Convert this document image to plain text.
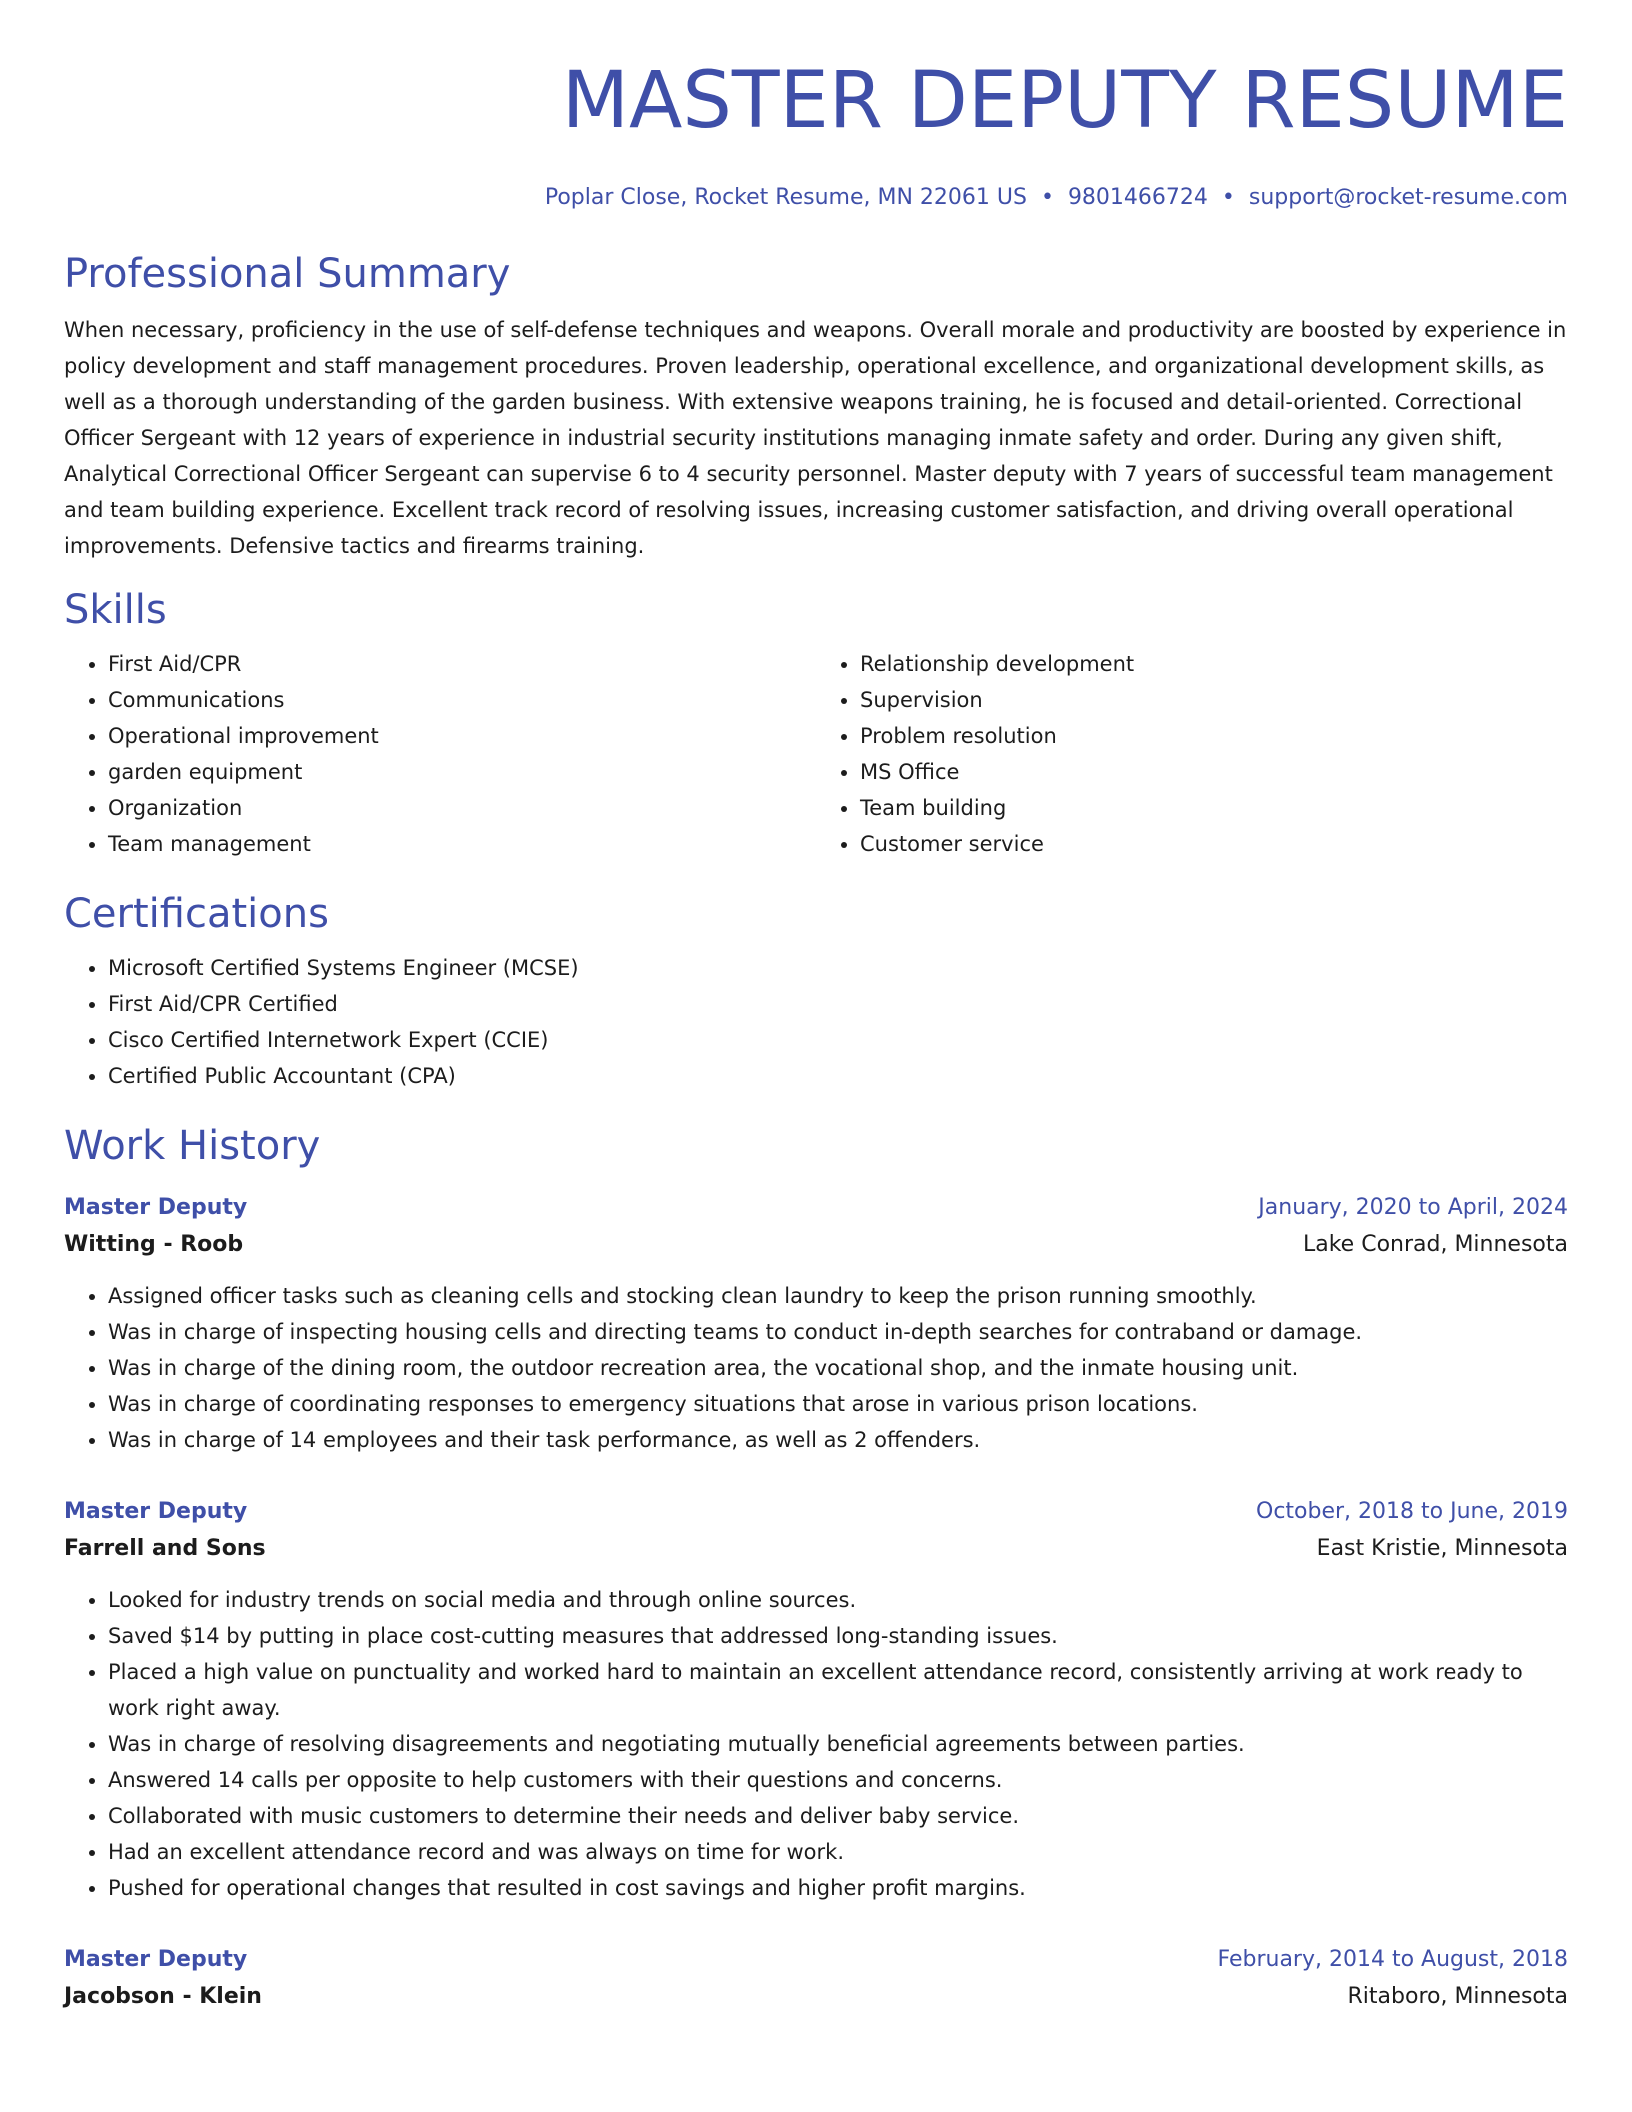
MASTER DEPUTY RESUME
Poplar Close, Rocket Resume, MN 22061 US • 9801466724 • support@rocket-resume.com
Professional Summary
When necessary, proficiency in the use of self-defense techniques and weapons. Overall morale and productivity are boosted by experience in policy development and staff management procedures. Proven leadership, operational excellence, and organizational development skills, as well as a thorough understanding of the garden business. With extensive weapons training, he is focused and detail-oriented. Correctional Officer Sergeant with 12 years of experience in industrial security institutions managing inmate safety and order. During any given shift, Analytical Correctional Officer Sergeant can supervise 6 to 4 security personnel. Master deputy with 7 years of successful team management and team building experience. Excellent track record of resolving issues, increasing customer satisfaction, and driving overall operational improvements. Defensive tactics and firearms training.
Skills
• First Aid/CPR
• Communications
• Operational improvement
• garden equipment
• Organization
• Team management
• Relationship development
• Supervision
• Problem resolution
• MS Office
• Team building
• Customer service
Certifications
• Microsoft Certified Systems Engineer (MCSE)
• First Aid/CPR Certified
• Cisco Certified Internetwork Expert (CCIE)
• Certified Public Accountant (CPA)
Work History
Master Deputy	January, 2020 to April, 2024
Witting - Roob	Lake Conrad, Minnesota
• Assigned officer tasks such as cleaning cells and stocking clean laundry to keep the prison running smoothly.
• Was in charge of inspecting housing cells and directing teams to conduct in-depth searches for contraband or damage.
• Was in charge of the dining room, the outdoor recreation area, the vocational shop, and the inmate housing unit.
• Was in charge of coordinating responses to emergency situations that arose in various prison locations.
• Was in charge of 14 employees and their task performance, as well as 2 offenders.
Master Deputy	October, 2018 to June, 2019
Farrell and Sons	East Kristie, Minnesota
• Looked for industry trends on social media and through online sources.
• Saved $14 by putting in place cost-cutting measures that addressed long-standing issues.
• Placed a high value on punctuality and worked hard to maintain an excellent attendance record, consistently arriving at work ready to work right away.
• Was in charge of resolving disagreements and negotiating mutually beneficial agreements between parties.
• Answered 14 calls per opposite to help customers with their questions and concerns.
• Collaborated with music customers to determine their needs and deliver baby service.
• Had an excellent attendance record and was always on time for work.
• Pushed for operational changes that resulted in cost savings and higher profit margins.
Master Deputy	February, 2014 to August, 2018
Jacobson - Klein	Ritaboro, Minnesota
